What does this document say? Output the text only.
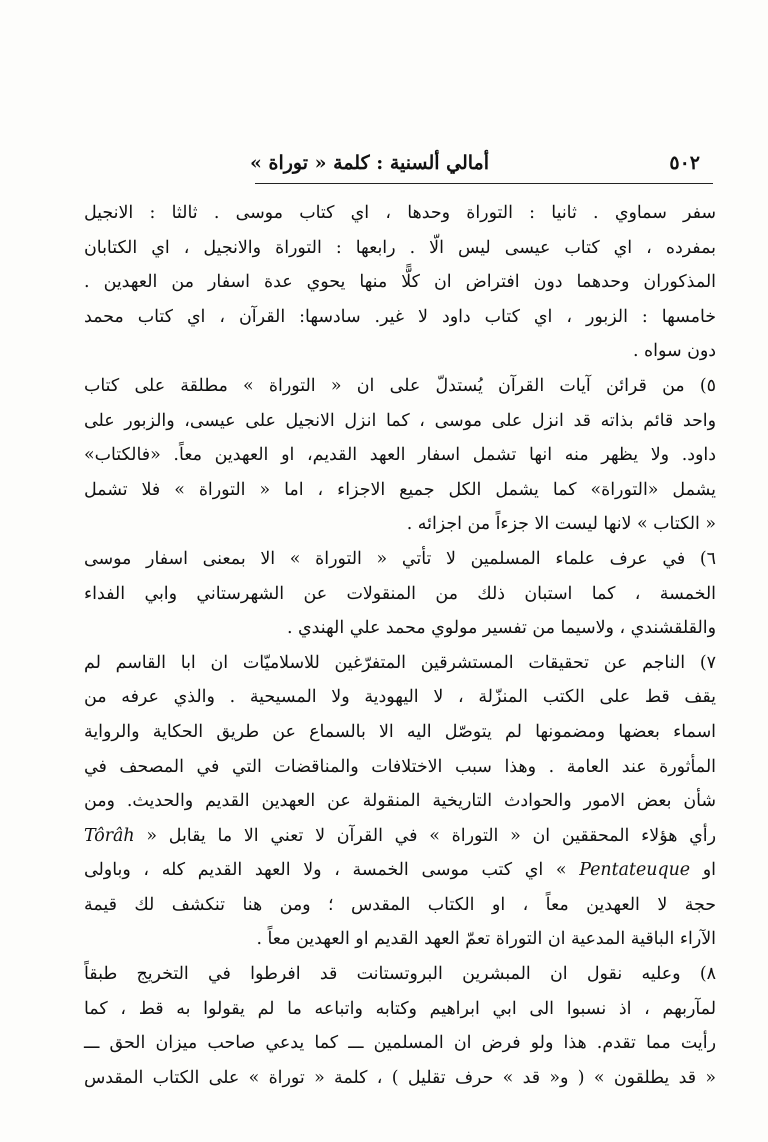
٥٠٢
أمالي ألسنية : كلمة « توراة »
سفر سماوي . ثانيا : التوراة وحدها ، اي كتاب موسى . ثالثا : الانجيل
بمفرده ، اي كتاب عيسى ليس الّا . رابعها : التوراة والانجيل ، اي الكتابان
المذكوران وحدهما دون افتراض ان كلًّا منها يحوي عدة اسفار من العهدين .
خامسها : الزبور ، اي كتاب داود لا غير. سادسها: القرآن ، اي كتاب محمد
دون سواه .
٥) من قرائن آيات القرآن يُستدلّ على ان « التوراة » مطلقة على كتاب
واحد قائم بذاته قد انزل على موسى ، كما انزل الانجيل على عيسى، والزبور على
داود. ولا يظهر منه انها تشمل اسفار العهد القديم، او العهدين معاً. «فالكتاب»
يشمل «التوراة» كما يشمل الكل جميع الاجزاء ، اما « التوراة » فلا تشمل
« الكتاب » لانها ليست الا جزءاً من اجزائه .
٦) في عرف علماء المسلمين لا تأتي « التوراة » الا بمعنى اسفار موسى
الخمسة ، كما استبان ذلك من المنقولات عن الشهرستاني وابي الفداء
والقلقشندي ، ولاسيما من تفسير مولوي محمد علي الهندي .
٧) الناجم عن تحقيقات المستشرقين المتفرّغين للاسلاميّات ان ابا القاسم لم
يقف قط على الكتب المنزّلة ، لا اليهودية ولا المسيحية . والذي عرفه من
اسماء بعضها ومضمونها لم يتوصّل اليه الا بالسماع عن طريق الحكاية والرواية
المأثورة عند العامة . وهذا سبب الاختلافات والمناقضات التي في المصحف في
شأن بعض الامور والحوادث التاريخية المنقولة عن العهدين القديم والحديث. ومن
رأي هؤلاء المحققين ان « التوراة » في القرآن لا تعني الا ما يقابل « Tôrâh
او Pentateuque » اي كتب موسى الخمسة ، ولا العهد القديم كله ، وباولى
حجة لا العهدين معاً ، او الكتاب المقدس ؛ ومن هنا تنكشف لك قيمة
الآراء الباقية المدعية ان التوراة تعمّ العهد القديم او العهدين معاً .
٨) وعليه نقول ان المبشرين البروتستانت قد افرطوا في التخريج طبقاً
لمآربهم ، اذ نسبوا الى ابي ابراهيم وكتابه واتباعه ما لم يقولوا به قط ، كما
رأيت مما تقدم. هذا ولو فرض ان المسلمين ـــ كما يدعي صاحب ميزان الحق ـــ
« قد يطلقون » ( و« قد » حرف تقليل ) ، كلمة « توراة » على الكتاب المقدس
